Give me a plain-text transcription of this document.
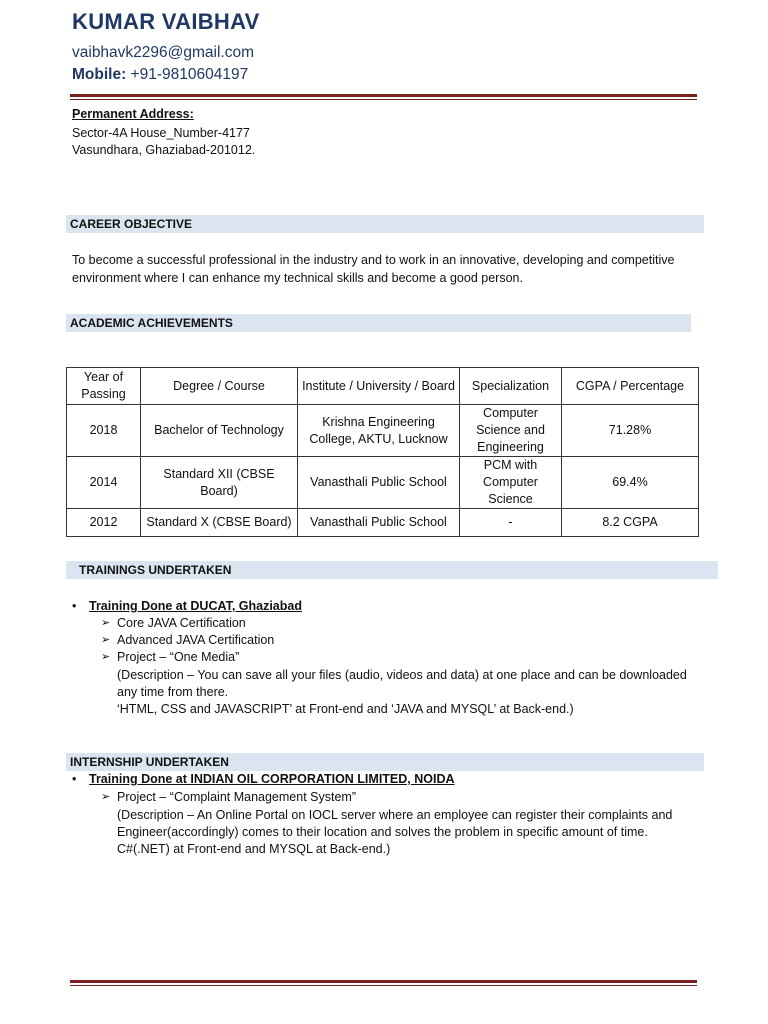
KUMAR VAIBHAV
vaibhavk2296@gmail.com
Mobile: +91-9810604197
Permanent Address:
Sector-4A House_Number-4177
Vasundhara, Ghaziabad-201012.
CAREER OBJECTIVE
To become a successful professional in the industry and to work in an innovative, developing and competitive environment where I can enhance my technical skills and become a good person.
ACADEMIC ACHIEVEMENTS
Year of Passing	Degree / Course	Institute / University / Board	Specialization	CGPA / Percentage
2018	Bachelor of Technology	Krishna Engineering College, AKTU, Lucknow	Computer Science and Engineering	71.28%
2014	Standard XII (CBSE Board)	Vanasthali Public School	PCM with Computer Science	69.4%
2012	Standard X (CBSE Board)	Vanasthali Public School	-	8.2 CGPA
TRAININGS UNDERTAKEN
• Training Done at DUCAT, Ghaziabad
➢ Core JAVA Certification
➢ Advanced JAVA Certification
➢ Project – “One Media”
(Description – You can save all your files (audio, videos and data) at one place and can be downloaded
any time from there.
‘HTML, CSS and JAVASCRIPT’ at Front-end and ‘JAVA and MYSQL’ at Back-end.)
INTERNSHIP UNDERTAKEN
• Training Done at INDIAN OIL CORPORATION LIMITED, NOIDA
➢ Project – “Complaint Management System”
(Description – An Online Portal on IOCL server where an employee can register their complaints and
Engineer(accordingly) comes to their location and solves the problem in specific amount of time.
C#(.NET) at Front-end and MYSQL at Back-end.)
